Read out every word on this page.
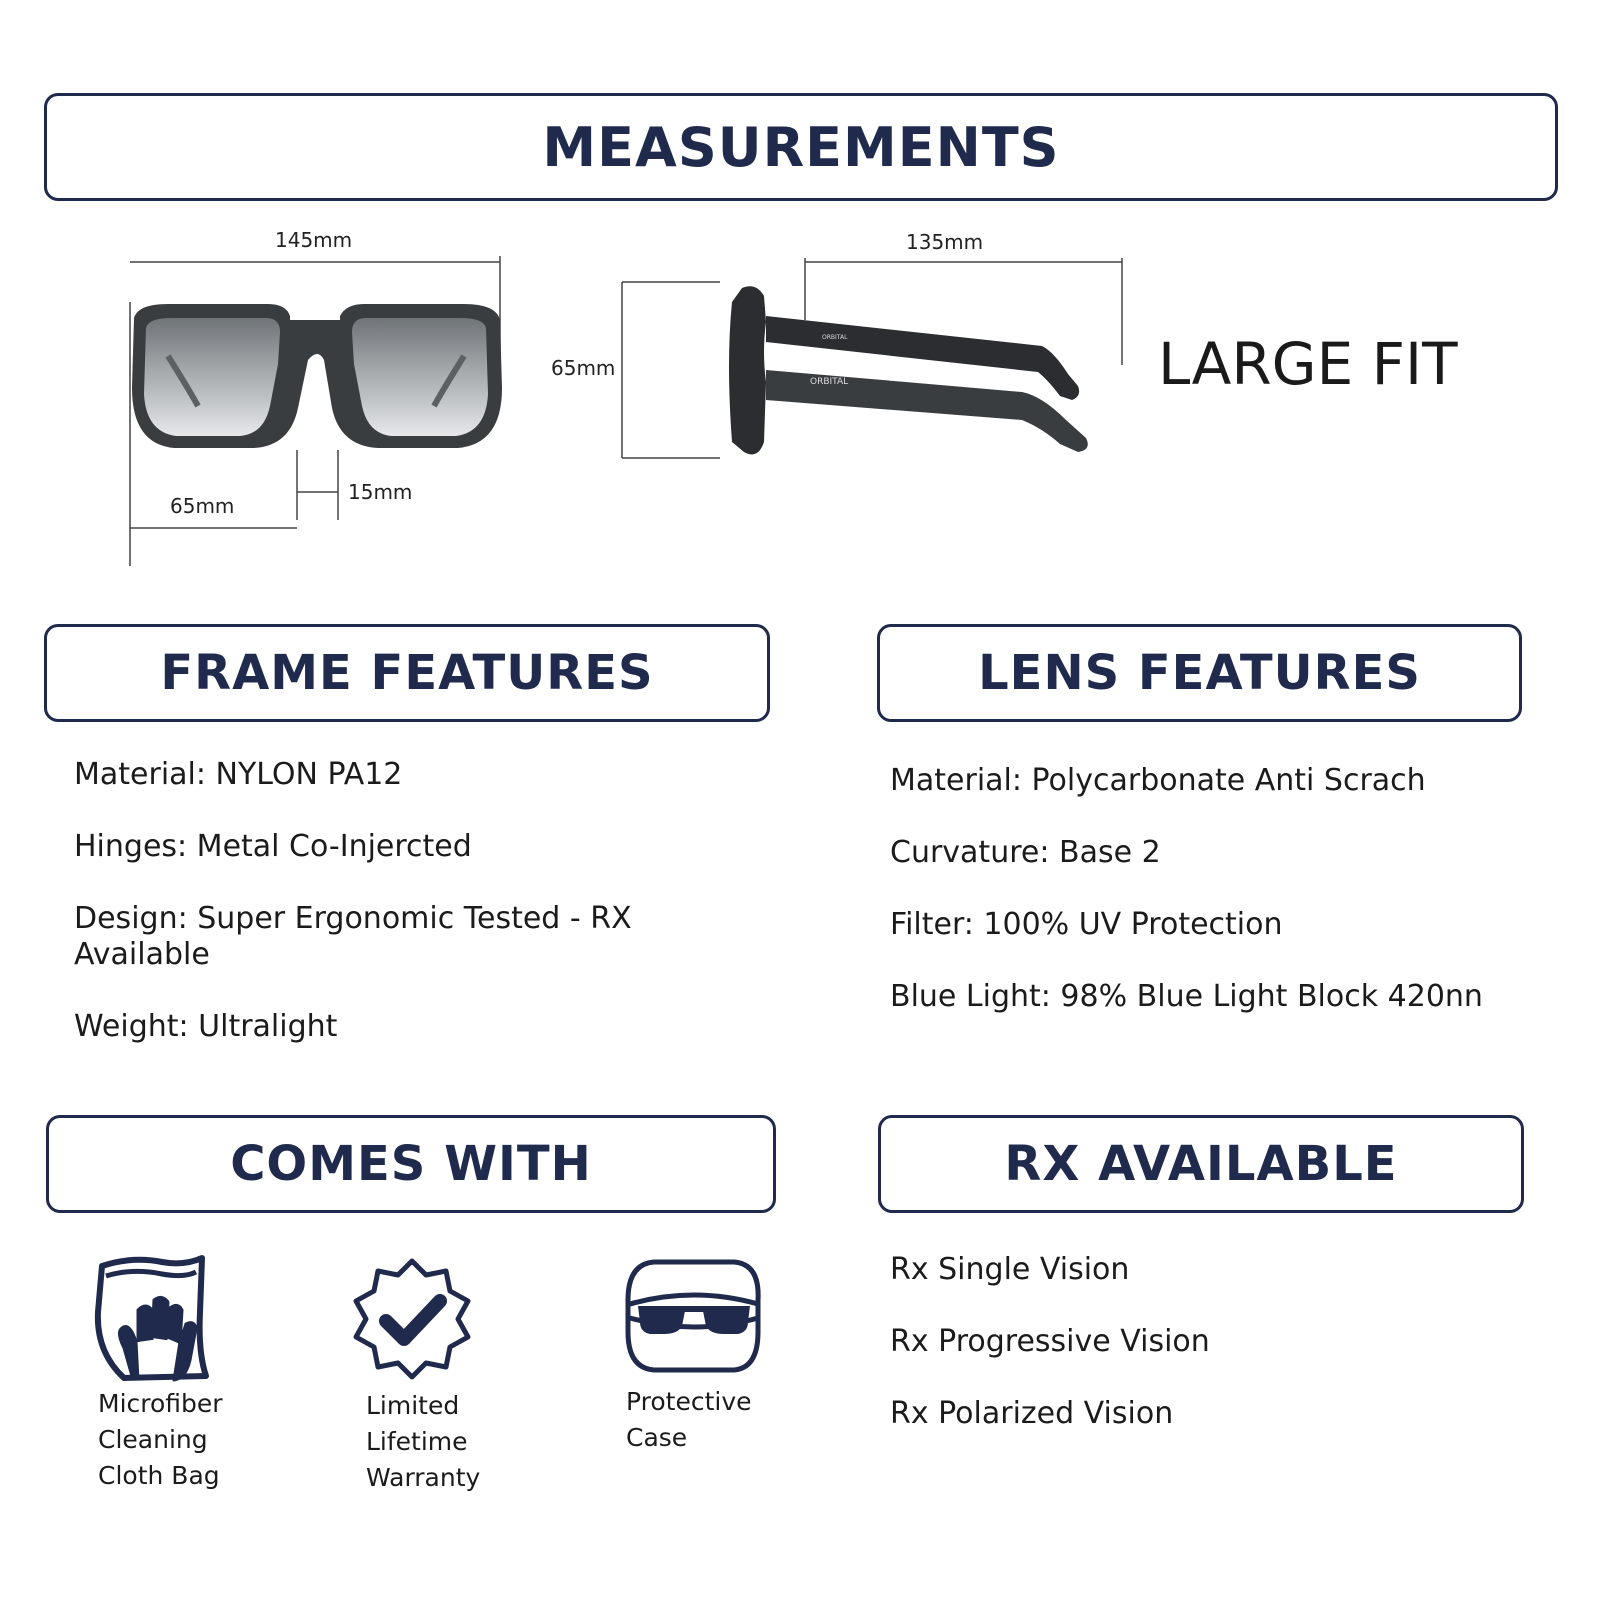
MEASUREMENTS
145mm
65mm
15mm
65mm
135mm
ORBITAL
ORBITAL	LARGE FIT
FRAME FEATURES
Material: NYLON PA12
Hinges: Metal Co-Injercted
Design: Super Ergonomic Tested - RX Available
Weight: Ultralight
LENS FEATURES
Material: Polycarbonate Anti Scrach
Curvature: Base 2
Filter: 100% UV Protection
Blue Light: 98% Blue Light Block 420nn
COMES WITH
Microfiber Cleaning Cloth Bag
Limited Lifetime Warranty
Protective Case
RX AVAILABLE
Rx Single Vision
Rx Progressive Vision
Rx Polarized Vision
